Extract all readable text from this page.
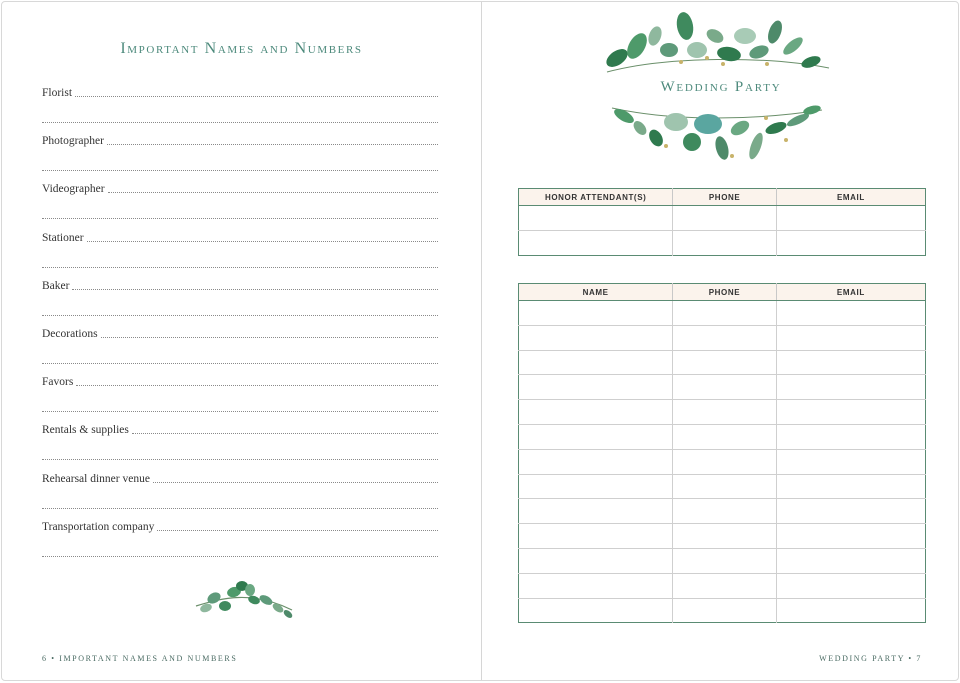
Important Names and Numbers
Florist
Photographer
Videographer
Stationer
Baker
Decorations
Favors
Rentals & supplies
Rehearsal dinner venue
Transportation company
6 • IMPORTANT NAMES AND NUMBERS
Wedding Party
HONOR ATTENDANT(S)	PHONE	EMAIL

NAME	PHONE	EMAIL

WEDDING PARTY • 7
